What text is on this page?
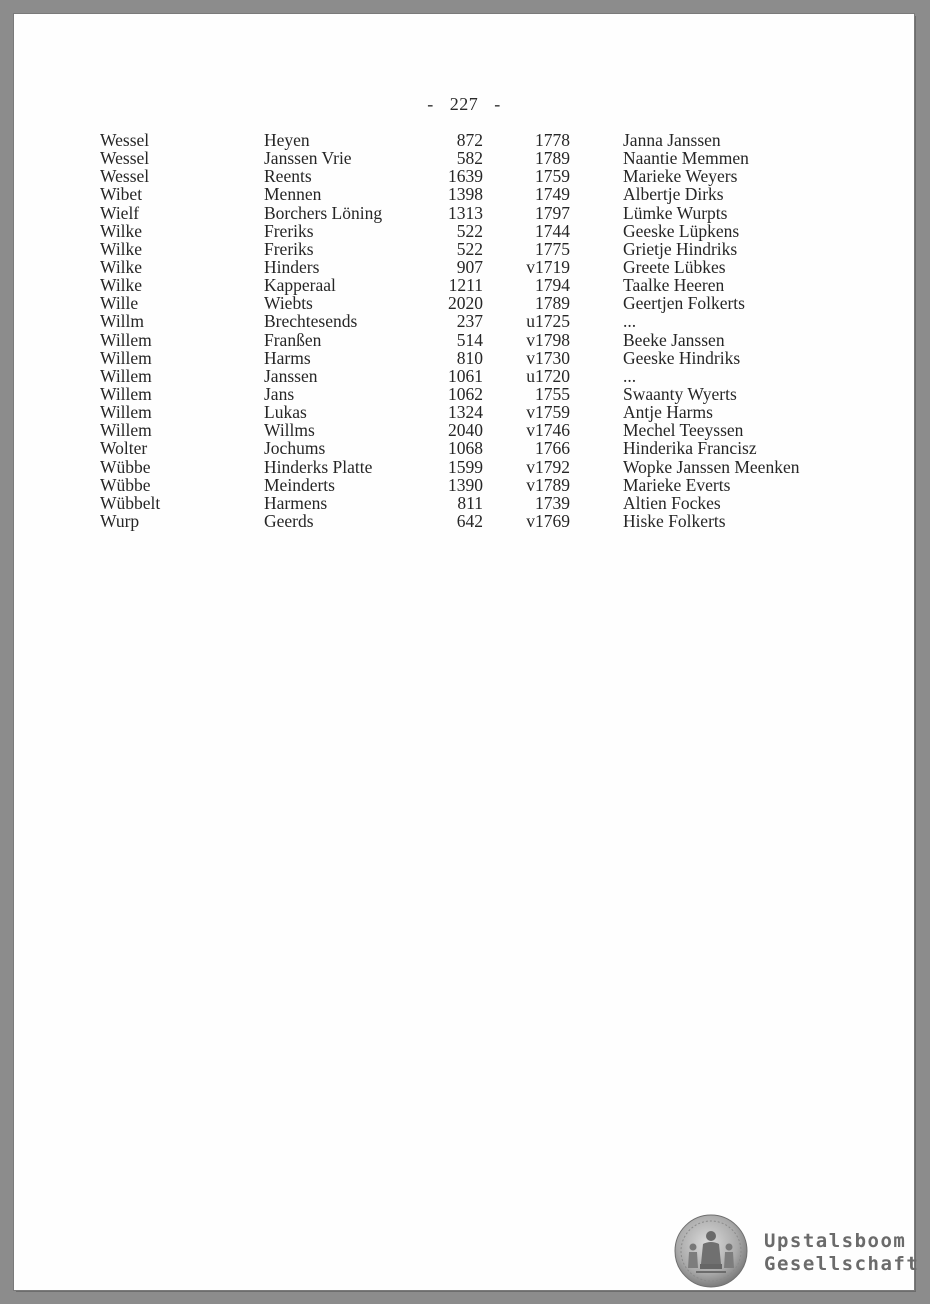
- 227 -
Wessel	Heyen	872	1778	Janna Janssen
Wessel	Janssen Vrie	582	1789	Naantie Memmen
Wessel	Reents	1639	1759	Marieke Weyers
Wibet	Mennen	1398	1749	Albertje Dirks
Wielf	Borchers Löning	1313	1797	Lümke Wurpts
Wilke	Freriks	522	1744	Geeske Lüpkens
Wilke	Freriks	522	1775	Grietje Hindriks
Wilke	Hinders	907	v1719	Greete Lübkes
Wilke	Kapperaal	1211	1794	Taalke Heeren
Wille	Wiebts	2020	1789	Geertjen Folkerts
Willm	Brechtesends	237	u1725	...
Willem	Franßen	514	v1798	Beeke Janssen
Willem	Harms	810	v1730	Geeske Hindriks
Willem	Janssen	1061	u1720	...
Willem	Jans	1062	1755	Swaanty Wyerts
Willem	Lukas	1324	v1759	Antje Harms
Willem	Willms	2040	v1746	Mechel Teeyssen
Wolter	Jochums	1068	1766	Hinderika Francisz
Wübbe	Hinderks Platte	1599	v1792	Wopke Janssen Meenken
Wübbe	Meinderts	1390	v1789	Marieke Everts
Wübbelt	Harmens	811	1739	Altien Fockes
Wurp	Geerds	642	v1769	Hiske Folkerts
Upstalsboom
Gesellschaft
